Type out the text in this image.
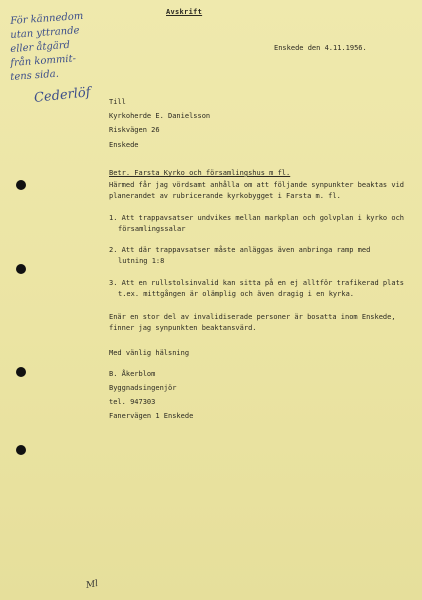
Avskrift
Enskede den 4.11.1956.
För kännedom
utan yttrande
eller åtgärd
från kommit-
tens sida.
Cederlöf	Till
Kyrkoherde E. Danielsson
Riskvägen 26
Enskede
Betr. Farsta Kyrko och församlingshus m fl.
Härmed får jag vördsamt anhålla om att följande synpunkter beaktas vid
planerandet av rubricerande kyrkobygget i Farsta m. fl.
1. Att trappavsatser undvikes mellan markplan och golvplan i kyrko och
församlingssalar
2. Att där trappavsatser måste anläggas även anbringa ramp med
lutning 1:8
3. Att en rullstolsinvalid kan sitta på en ej alltför trafikerad plats
t.ex. mittgången är olämplig och även dragig i en kyrka.
Enär en stor del av invalidiserade personer är bosatta inom Enskede,
finner jag synpunkten beaktansvärd.
Med vänlig hälsning
B. Åkerblom
Byggnadsingenjör
tel. 947303
Fanervägen 1 Enskede
Ml
